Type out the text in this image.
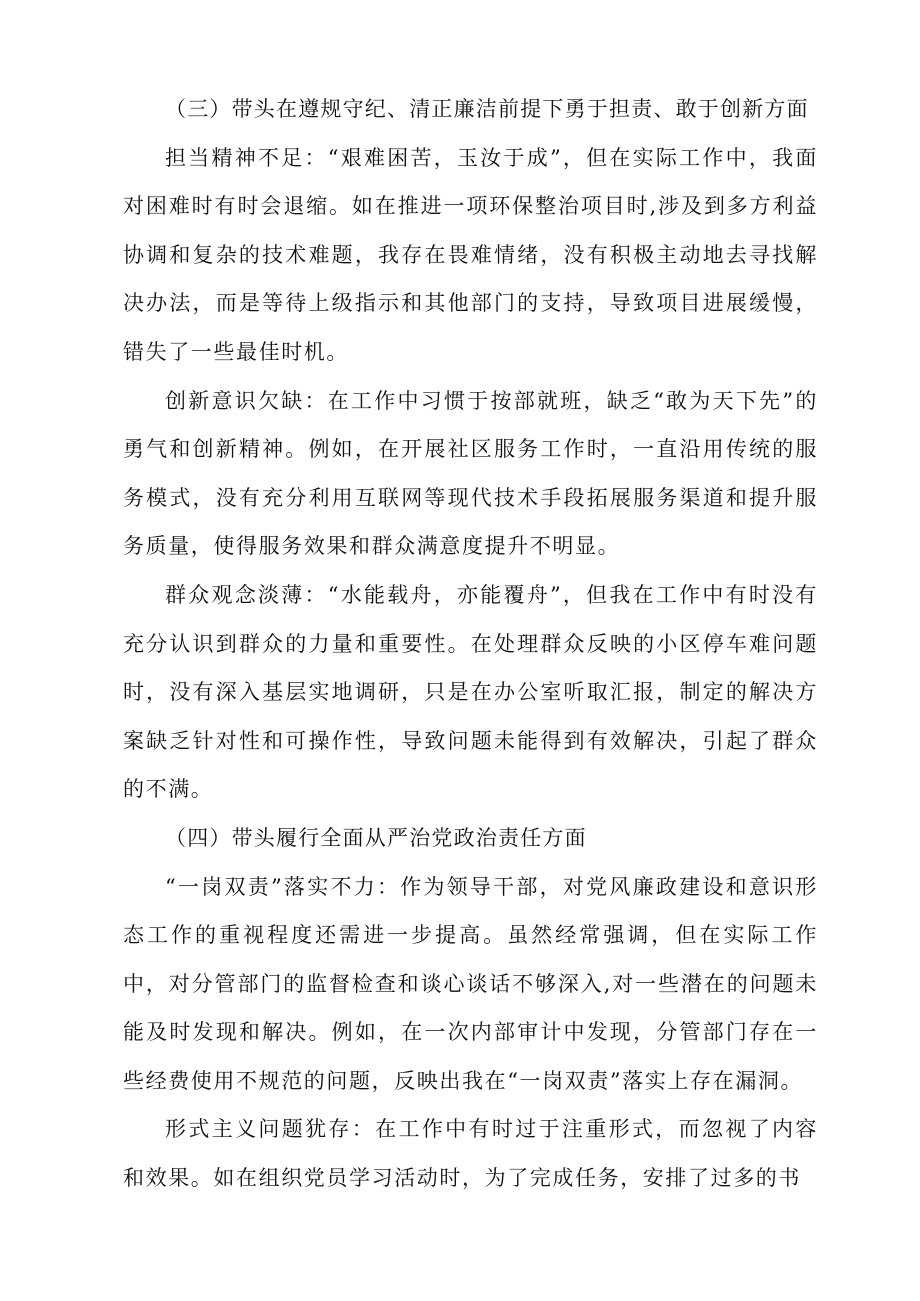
（三）带头在遵规守纪、清正廉洁前提下勇于担责、敢于创新方面

担当精神不足：“艰难困苦，玉汝于成”，但在实际工作中，我面对困难时有时会退缩。如在推进一项环保整治项目时,涉及到多方利益协调和复杂的技术难题，我存在畏难情绪，没有积极主动地去寻找解决办法，而是等待上级指示和其他部门的支持，导致项目进展缓慢，错失了一些最佳时机。

创新意识欠缺：在工作中习惯于按部就班，缺乏“敢为天下先”的勇气和创新精神。例如，在开展社区服务工作时，一直沿用传统的服务模式，没有充分利用互联网等现代技术手段拓展服务渠道和提升服务质量，使得服务效果和群众满意度提升不明显。

群众观念淡薄：“水能载舟，亦能覆舟”，但我在工作中有时没有充分认识到群众的力量和重要性。在处理群众反映的小区停车难问题时，没有深入基层实地调研，只是在办公室听取汇报，制定的解决方案缺乏针对性和可操作性，导致问题未能得到有效解决，引起了群众的不满。

（四）带头履行全面从严治党政治责任方面

“一岗双责”落实不力：作为领导干部，对党风廉政建设和意识形态工作的重视程度还需进一步提高。虽然经常强调，但在实际工作中，对分管部门的监督检查和谈心谈话不够深入,对一些潜在的问题未能及时发现和解决。例如，在一次内部审计中发现，分管部门存在一些经费使用不规范的问题，反映出我在“一岗双责”落实上存在漏洞。

形式主义问题犹存：在工作中有时过于注重形式，而忽视了内容和效果。如在组织党员学习活动时，为了完成任务，安排了过多的书
